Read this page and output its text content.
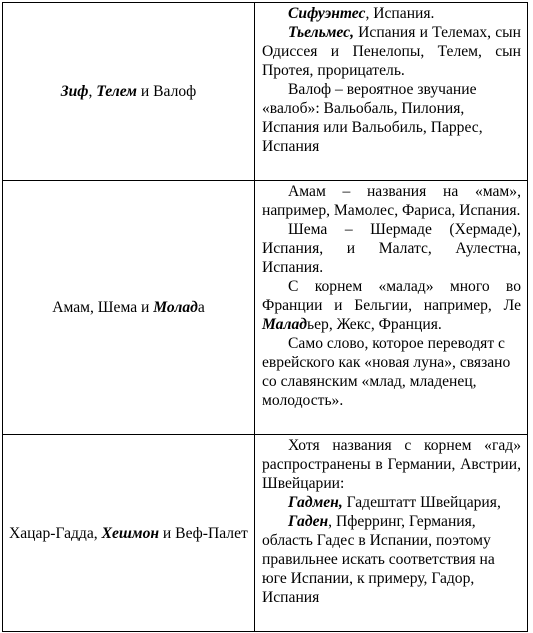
Зиф, Телем и Валоф	Сифуэнтес, Испания.

Тьельмес, Испания и Телемах, сын Одиссея и Пенелопы, Телем, сын Протея, прорицатель.

Валоф – вероятное звучание «валоб»: Вальобаль, Пилония, Испания или Вальобиль, Паррес, Испания

Амам, Шема и Молада	Амам – названия на «мам», например, Мамолес, Фариса, Испания.

Шема – Шермаде (Хермаде), Испания, и Малатс, Аулестна, Испания.

С корнем «малад» много во Франции и Бельгии, например, Ле Маладьер, Жекс, Франция.

Само слово, которое переводят с еврейского как «новая луна», связано со славянским «млад, младенец, молодость».

Хацар-Гадда, Хешмон и Веф-Палет	Хотя названия с корнем «гад» распространены в Германии, Австрии, Швейцарии:

Гадмен, Гадештатт Швейцария,

Гаден, Пферринг, Германия, область Гадес в Испании, поэтому правильнее искать соответствия на юге Испании, к примеру, Гадор, Испания
